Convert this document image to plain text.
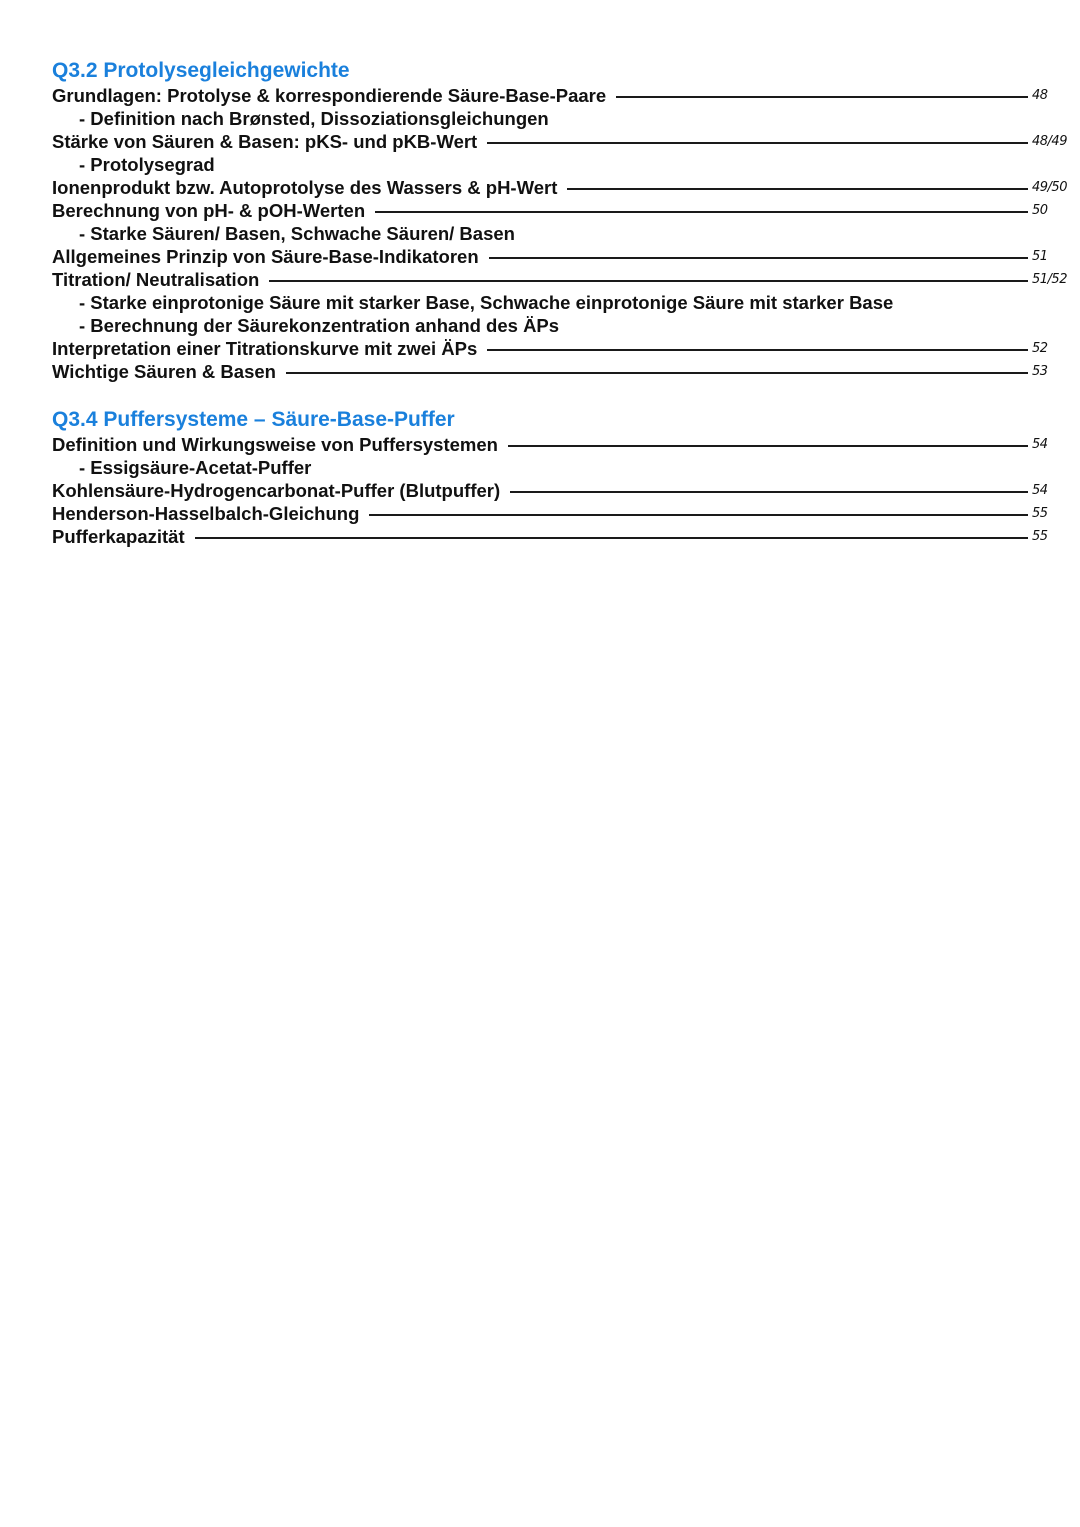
Q3.2 Protolysegleichgewichte
Grundlagen: Protolyse & korrespondierende Säure-Base-Paare	48
- Definition nach Brønsted, Dissoziationsgleichungen
Stärke von Säuren & Basen: pKS- und pKB-Wert	48/49
- Protolysegrad
Ionenprodukt bzw. Autoprotolyse des Wassers & pH-Wert	49/50
Berechnung von pH- & pOH-Werten	50
- Starke Säuren/ Basen, Schwache Säuren/ Basen
Allgemeines Prinzip von Säure-Base-Indikatoren	51
Titration/ Neutralisation	51/52
- Starke einprotonige Säure mit starker Base, Schwache einprotonige Säure mit starker Base
- Berechnung der Säurekonzentration anhand des ÄPs
Interpretation einer Titrationskurve mit zwei ÄPs	52
Wichtige Säuren & Basen	53
Q3.4 Puffersysteme – Säure-Base-Puffer
Definition und Wirkungsweise von Puffersystemen	54
- Essigsäure-Acetat-Puffer
Kohlensäure-Hydrogencarbonat-Puffer (Blutpuffer)	54
Henderson-Hasselbalch-Gleichung	55
Pufferkapazität	55
